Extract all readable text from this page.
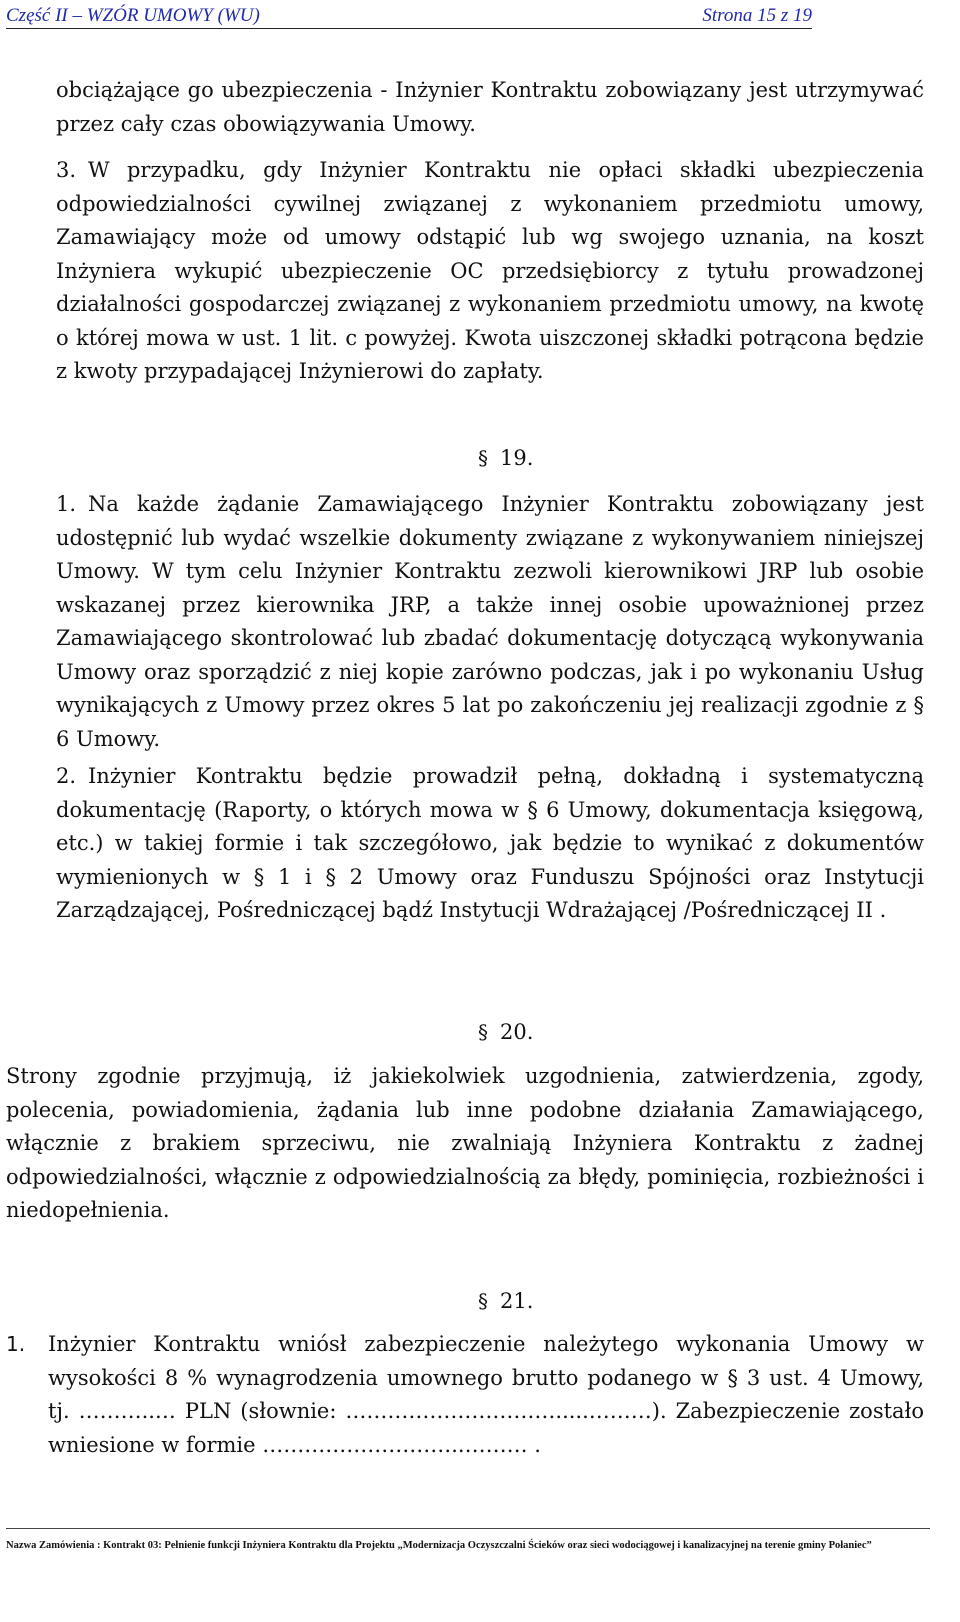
Część II – WZÓR UMOWY (WU)	Strona 15 z 19
obciążające go ubezpieczenia - Inżynier Kontraktu zobowiązany jest utrzymywać przez cały czas obowiązywania Umowy.
3. W przypadku, gdy Inżynier Kontraktu nie opłaci składki ubezpieczenia odpowiedzialności cywilnej związanej z wykonaniem przedmiotu umowy, Zamawiający może od umowy odstąpić lub wg swojego uznania, na koszt Inżyniera wykupić ubezpieczenie OC przedsiębiorcy z tytułu prowadzonej działalności gospodarczej związanej z wykonaniem przedmiotu umowy, na kwotę o której mowa w ust. 1 lit. c powyżej. Kwota uiszczonej składki potrącona będzie z kwoty przypadającej Inżynierowi do zapłaty.
§ 19.
1. Na każde żądanie Zamawiającego Inżynier Kontraktu zobowiązany jest udostępnić lub wydać wszelkie dokumenty związane z wykonywaniem niniejszej Umowy. W tym celu Inżynier Kontraktu zezwoli kierownikowi JRP lub osobie wskazanej przez kierownika JRP, a także innej osobie upoważnionej przez Zamawiającego skontrolować lub zbadać dokumentację dotyczącą wykonywania Umowy oraz sporządzić z niej kopie zarówno podczas, jak i po wykonaniu Usług wynikających z Umowy przez okres 5 lat po zakończeniu jej realizacji zgodnie z § 6 Umowy.
2. Inżynier Kontraktu będzie prowadził pełną, dokładną i systematyczną dokumentację (Raporty, o których mowa w § 6 Umowy, dokumentacja księgową, etc.) w takiej formie i tak szczegółowo, jak będzie to wynikać z dokumentów wymienionych w § 1 i § 2 Umowy oraz Funduszu Spójności oraz Instytucji Zarządzającej, Pośredniczącej bądź Instytucji Wdrażającej /Pośredniczącej II .
§ 20.
Strony zgodnie przyjmują, iż jakiekolwiek uzgodnienia, zatwierdzenia, zgody, polecenia, powiadomienia, żądania lub inne podobne działania Zamawiającego, włącznie z brakiem sprzeciwu, nie zwalniają Inżyniera Kontraktu z żadnej odpowiedzialności, włącznie z odpowiedzialnością za błędy, pominięcia, rozbieżności i niedopełnienia.
§ 21.
1. Inżynier Kontraktu wniósł zabezpieczenie należytego wykonania Umowy w wysokości 8 % wynagrodzenia umownego brutto podanego w § 3 ust. 4 Umowy, tj. ………..… PLN (słownie: ………………………….....………). Zabezpieczenie zostało wniesione w formie ………………………..……… .
Nazwa Zamówienia : Kontrakt 03: Pełnienie funkcji Inżyniera Kontraktu dla Projektu „Modernizacja Oczyszczalni Ścieków oraz sieci wodociągowej i kanalizacyjnej na terenie gminy Połaniec”
